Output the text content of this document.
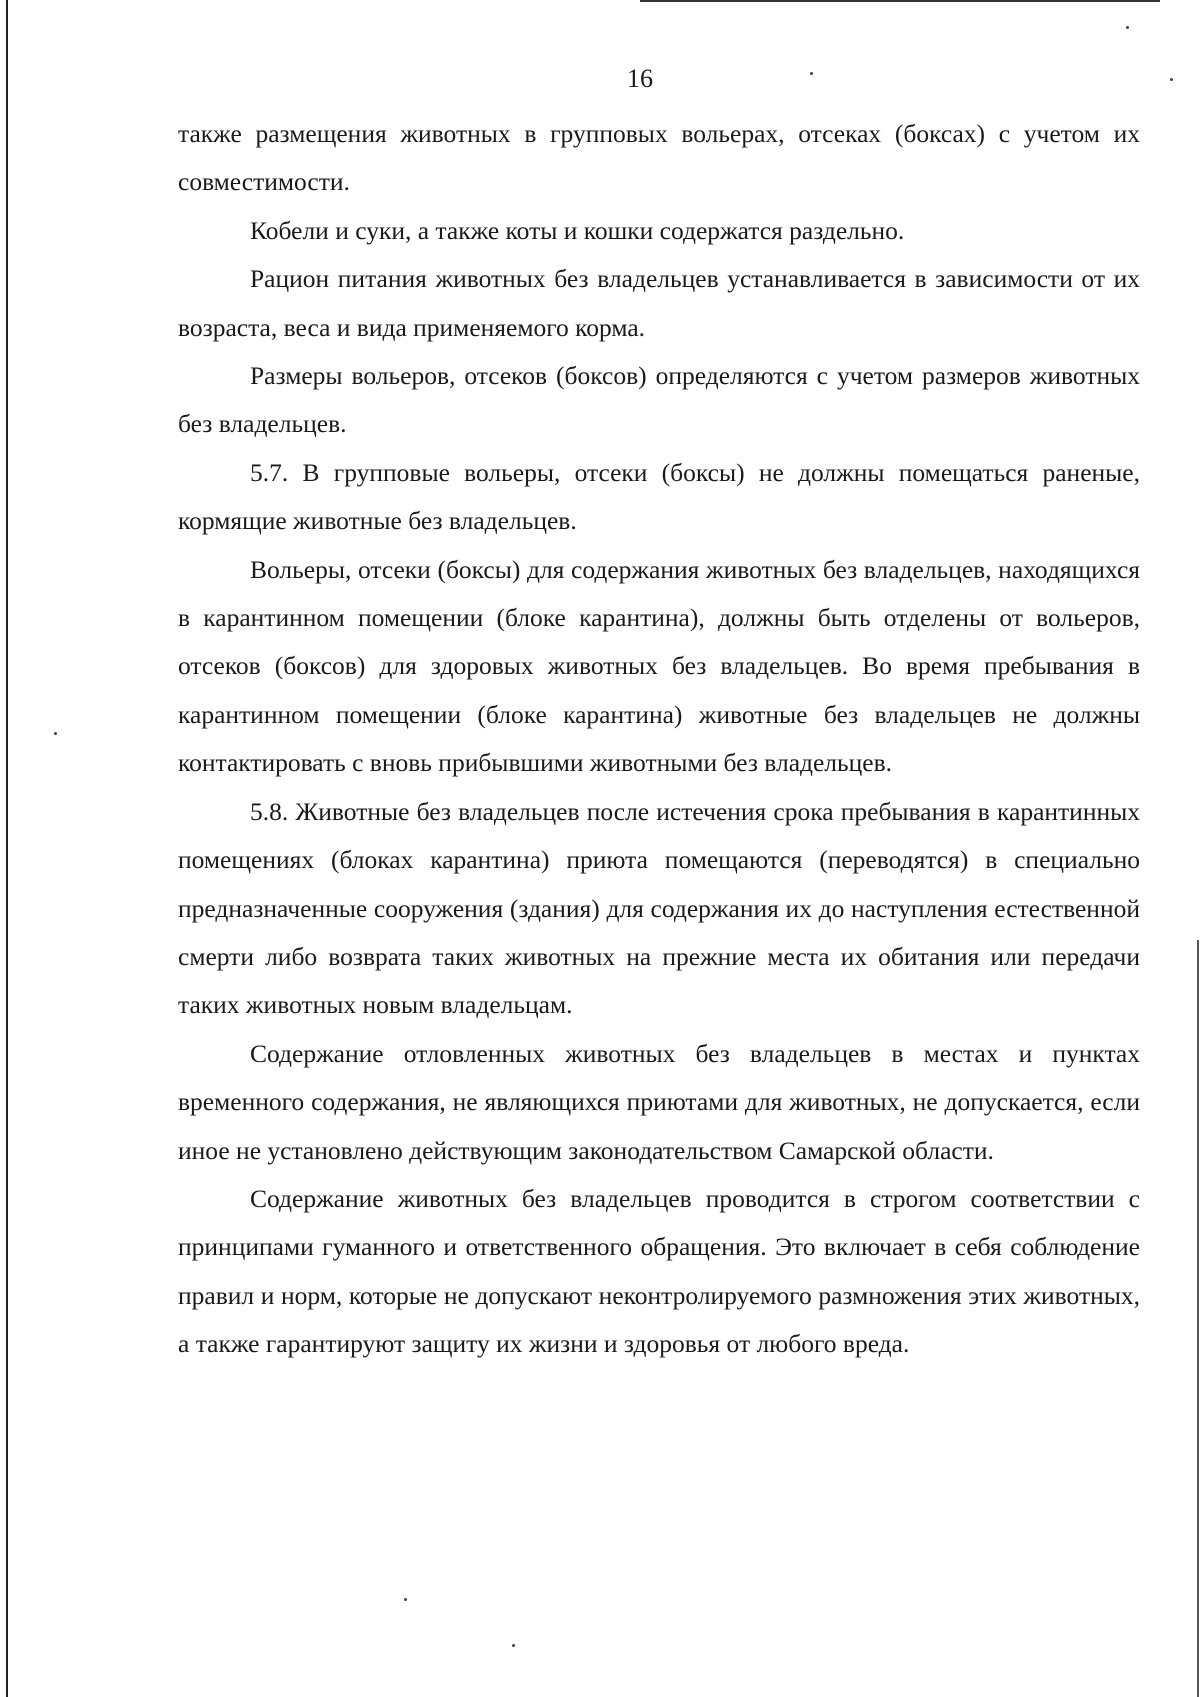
16

также размещения животных в групповых вольерах, отсеках (боксах) с учетом их совместимости.

Кобели и суки, а также коты и кошки содержатся раздельно.

Рацион питания животных без владельцев устанавливается в зависимости от их возраста, веса и вида применяемого корма.

Размеры вольеров, отсеков (боксов) определяются с учетом размеров животных без владельцев.

5.7. В групповые вольеры, отсеки (боксы) не должны помещаться раненые, кормящие животные без владельцев.

Вольеры, отсеки (боксы) для содержания животных без владельцев, находящихся в карантинном помещении (блоке карантина), должны быть отделены от вольеров, отсеков (боксов) для здоровых животных без владельцев. Во время пребывания в карантинном помещении (блоке карантина) животные без владельцев не должны контактировать с вновь прибывшими животными без владельцев.

5.8. Животные без владельцев после истечения срока пребывания в карантинных помещениях (блоках карантина) приюта помещаются (переводятся) в специально предназначенные сооружения (здания) для содержания их до наступления естественной смерти либо возврата таких животных на прежние места их обитания или передачи таких животных новым владельцам.

Содержание отловленных животных без владельцев в местах и пунктах временного содержания, не являющихся приютами для животных, не допускается, если иное не установлено действующим законодательством Самарской области.

Содержание животных без владельцев проводится в строгом соответствии с принципами гуманного и ответственного обращения. Это включает в себя соблюдение правил и норм, которые не допускают неконтролируемого размножения этих животных, а также гарантируют защиту их жизни и здоровья от любого вреда.
